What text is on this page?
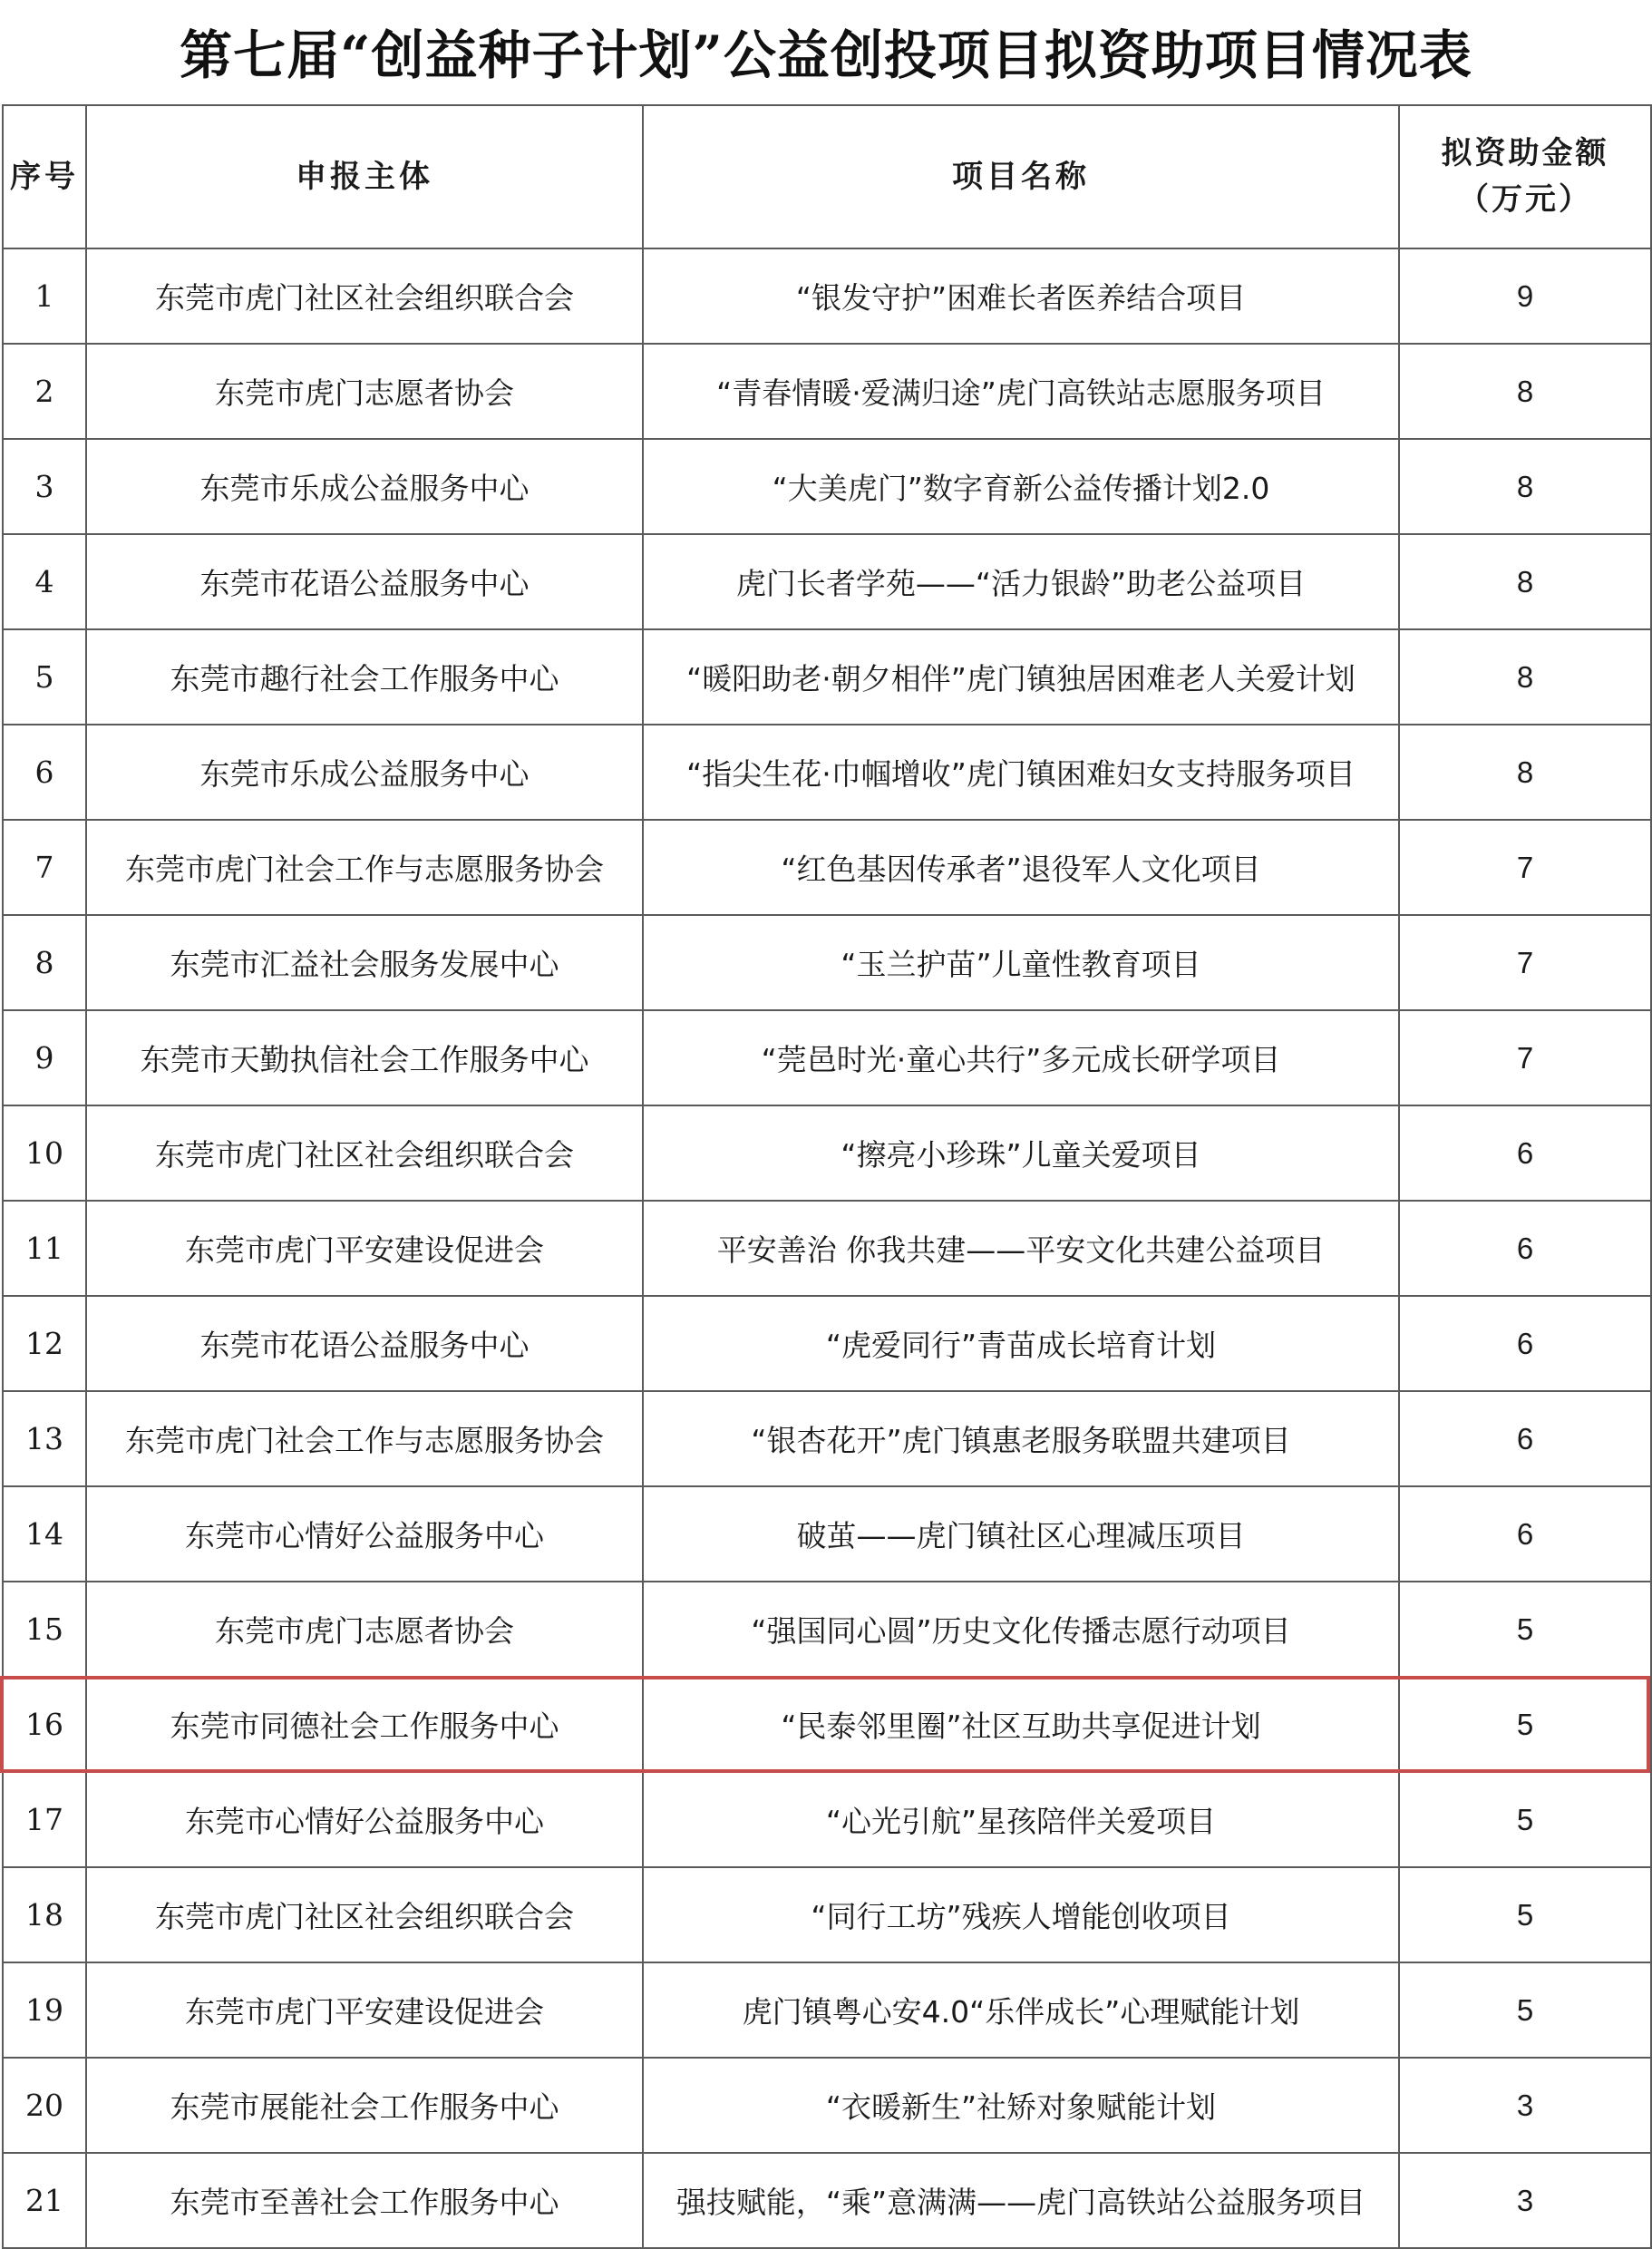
第七届“创益种子计划”公益创投项目拟资助项目情况表
序号	申报主体	项目名称	拟资助金额
（万元）

1	东莞市虎门社区社会组织联合会	“银发守护”困难长者医养结合项目	9
2	东莞市虎门志愿者协会	“青春情暖·爱满归途”虎门高铁站志愿服务项目	8
3	东莞市乐成公益服务中心	“大美虎门”数字育新公益传播计划2.0	8
4	东莞市花语公益服务中心	虎门长者学苑——“活力银龄”助老公益项目	8
5	东莞市趣行社会工作服务中心	“暖阳助老·朝夕相伴”虎门镇独居困难老人关爱计划	8
6	东莞市乐成公益服务中心	“指尖生花·巾帼增收”虎门镇困难妇女支持服务项目	8
7	东莞市虎门社会工作与志愿服务协会	“红色基因传承者”退役军人文化项目	7
8	东莞市汇益社会服务发展中心	“玉兰护苗”儿童性教育项目	7
9	东莞市天勤执信社会工作服务中心	“莞邑时光·童心共行”多元成长研学项目	7
10	东莞市虎门社区社会组织联合会	“擦亮小珍珠”儿童关爱项目	6
11	东莞市虎门平安建设促进会	平安善治 你我共建——平安文化共建公益项目	6
12	东莞市花语公益服务中心	“虎爱同行”青苗成长培育计划	6
13	东莞市虎门社会工作与志愿服务协会	“银杏花开”虎门镇惠老服务联盟共建项目	6
14	东莞市心情好公益服务中心	破茧——虎门镇社区心理减压项目	6
15	东莞市虎门志愿者协会	“强国同心圆”历史文化传播志愿行动项目	5
16	东莞市同德社会工作服务中心	“民泰邻里圈”社区互助共享促进计划	5
17	东莞市心情好公益服务中心	“心光引航”星孩陪伴关爱项目	5
18	东莞市虎门社区社会组织联合会	“同行工坊”残疾人增能创收项目	5
19	东莞市虎门平安建设促进会	虎门镇粤心安4.0“乐伴成长”心理赋能计划	5
20	东莞市展能社会工作服务中心	“衣暖新生”社矫对象赋能计划	3
21	东莞市至善社会工作服务中心	强技赋能，“乘”意满满——虎门高铁站公益服务项目	3
